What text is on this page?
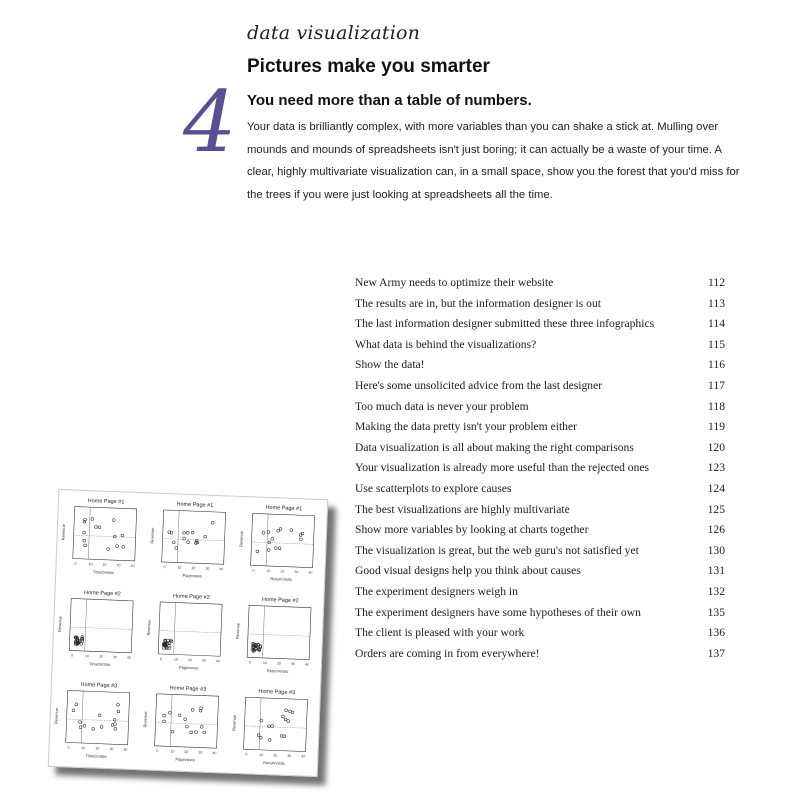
data visualization
4
Pictures make you smarter
You need more than a table of numbers.
Your data is brilliantly complex, with more variables than you can shake a stick at. Mulling over mounds and mounds of spreadsheets isn't just boring; it can actually be a waste of your time. A clear, highly multivariate visualization can, in a small space, show you the forest that you'd miss for the trees if you were just looking at spreadsheets all the time.
New Army needs to optimize their website	112
The results are in, but the information designer is out	113
The last information designer submitted these three infographics	114
What data is behind the visualizations?	115
Show the data!	116
Here's some unsolicited advice from the last designer	117
Too much data is never your problem	118
Making the data pretty isn't your problem either	119
Data visualization is all about making the right comparisons	120
Your visualization is already more useful than the rejected ones	123
Use scatterplots to explore causes	124
The best visualizations are highly multivariate	125
Show more variables by looking at charts together	126
The visualization is great, but the web guru's not satisfied yet	130
Good visual designs help you think about causes	131
The experiment designers weigh in	132
The experiment designers have some hypotheses of their own	135
The client is pleased with your work	136
Orders are coming in from everywhere!	137
Home Page #1
0	10	20	30	40
TimeOnSite
Revenue
Home Page #1
0	10	20	30	40
Pageviews
Revenue
Home Page #1
0	10	20	30	40
ReturnVisits
Revenue
Home Page #2
0	10	20	30	40
TimeOnSite
Revenue
Home Page #2
0	10	20	30	40
Pageviews
Revenue
Home Page #2
0	10	20	30	40
ReturnVisits
Revenue
Home Page #3
0	10	20	30	40
TimeOnSite
Revenue
Home Page #3
0	10	20	30	40
Pageviews
Revenue
Home Page #3
0	10	20	30	40
ReturnVisits
Revenue
